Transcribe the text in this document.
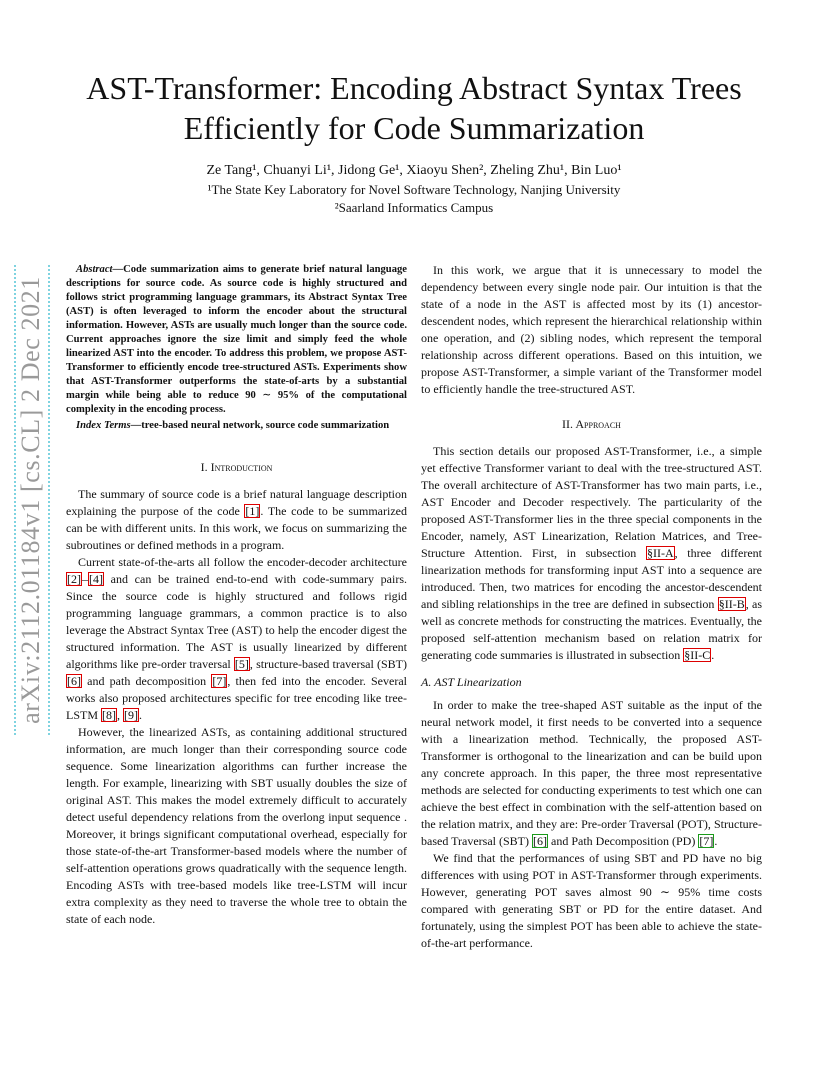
arXiv:2112.01184v1 [cs.CL] 2 Dec 2021
AST-Transformer: Encoding Abstract Syntax Trees
Efficiently for Code Summarization
Ze Tang¹, Chuanyi Li¹, Jidong Ge¹, Xiaoyu Shen², Zheling Zhu¹, Bin Luo¹
¹The State Key Laboratory for Novel Software Technology, Nanjing University
²Saarland Informatics Campus

Abstract—Code summarization aims to generate brief natural language descriptions for source code. As source code is highly structured and follows strict programming language grammars, its Abstract Syntax Tree (AST) is often leveraged to inform the encoder about the structural information. However, ASTs are usually much longer than the source code. Current approaches ignore the size limit and simply feed the whole linearized AST into the encoder. To address this problem, we propose AST-Transformer to efficiently encode tree-structured ASTs. Experiments show that AST-Transformer outperforms the state-of-arts by a substantial margin while being able to reduce 90 ∼ 95% of the computational complexity in the encoding process.

Index Terms—tree-based neural network, source code summarization

I. Introduction

The summary of source code is a brief natural language description explaining the purpose of the code [1]. The code to be summarized can be with different units. In this work, we focus on summarizing the subroutines or defined methods in a program.

Current state-of-the-arts all follow the encoder-decoder architecture [2]–[4] and can be trained end-to-end with code-summary pairs. Since the source code is highly structured and follows rigid programming language grammars, a common practice is to also leverage the Abstract Syntax Tree (AST) to help the encoder digest the structured information. The AST is usually linearized by different algorithms like pre-order traversal [5], structure-based traversal (SBT) [6] and path decomposition [7], then fed into the encoder. Several works also proposed architectures specific for tree encoding like tree-LSTM [8], [9].

However, the linearized ASTs, as containing additional structured information, are much longer than their corresponding source code sequence. Some linearization algorithms can further increase the length. For example, linearizing with SBT usually doubles the size of original AST. This makes the model extremely difficult to accurately detect useful dependency relations from the overlong input sequence . Moreover, it brings significant computational overhead, especially for those state-of-the-art Transformer-based models where the number of self-attention operations grows quadratically with the sequence length. Encoding ASTs with tree-based models like tree-LSTM will incur extra complexity as they need to traverse the whole tree to obtain the state of each node.

In this work, we argue that it is unnecessary to model the dependency between every single node pair. Our intuition is that the state of a node in the AST is affected most by its (1) ancestor-descendent nodes, which represent the hierarchical relationship within one operation, and (2) sibling nodes, which represent the temporal relationship across different operations. Based on this intuition, we propose AST-Transformer, a simple variant of the Transformer model to efficiently handle the tree-structured AST.

II. Approach

This section details our proposed AST-Transformer, i.e., a simple yet effective Transformer variant to deal with the tree-structured AST. The overall architecture of AST-Transformer has two main parts, i.e., AST Encoder and Decoder respectively. The particularity of the proposed AST-Transformer lies in the three special components in the Encoder, namely, AST Linearization, Relation Matrices, and Tree-Structure Attention. First, in subsection §II-A, three different linearization methods for transforming input AST into a sequence are introduced. Then, two matrices for encoding the ancestor-descendent and sibling relationships in the tree are defined in subsection §II-B, as well as concrete methods for constructing the matrices. Eventually, the proposed self-attention mechanism based on relation matrix for generating code summaries is illustrated in subsection §II-C.

A. AST Linearization

In order to make the tree-shaped AST suitable as the input of the neural network model, it first needs to be converted into a sequence with a linearization method. Technically, the proposed AST-Transformer is orthogonal to the linearization and can be build upon any concrete approach. In this paper, the three most representative methods are selected for conducting experiments to test which one can achieve the best effect in combination with the self-attention based on the relation matrix, and they are: Pre-order Traversal (POT), Structure-based Traversal (SBT) [6] and Path Decomposition (PD) [7].

We find that the performances of using SBT and PD have no big differences with using POT in AST-Transformer through experiments. However, generating POT saves almost 90 ∼ 95% time costs compared with generating SBT or PD for the entire dataset. And fortunately, using the simplest POT has been able to achieve the state-of-the-art performance.
